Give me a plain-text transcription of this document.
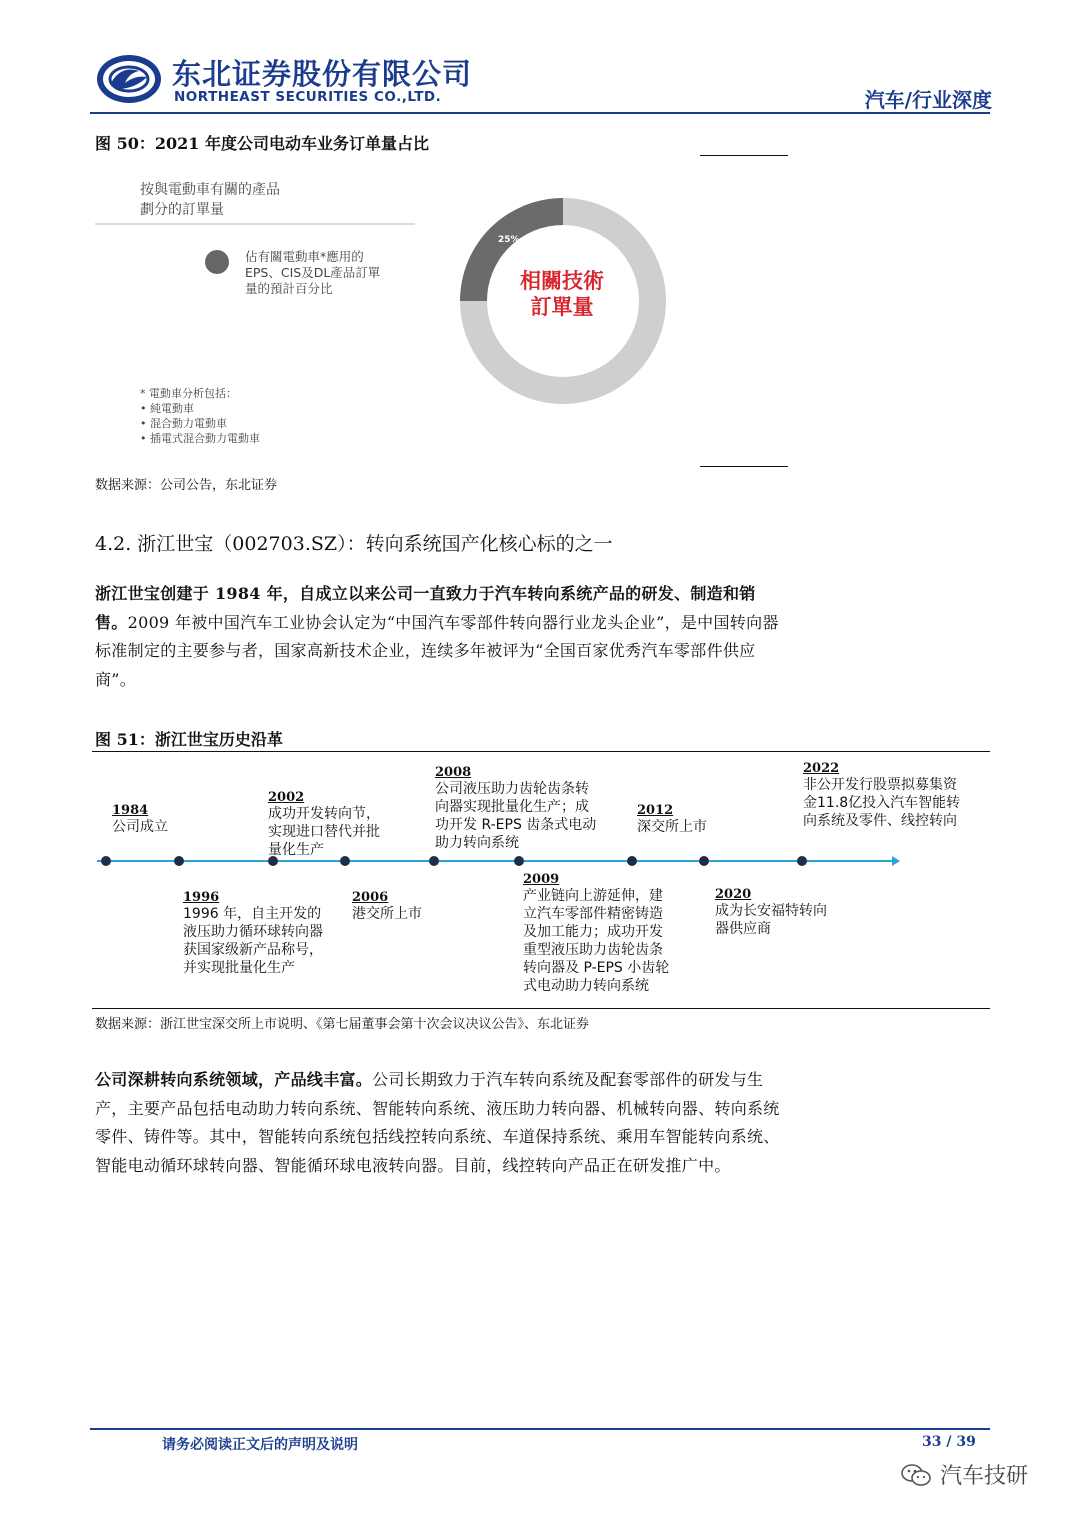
东北证券股份有限公司
NORTHEAST SECURITIES CO.,LTD.	汽车/行业深度
图 50：2021 年度公司电动车业务订单量占比
按與電動車有關的產品
劃分的訂單量
佔有關電動車*應用的
EPS、CIS及DL產品訂單
量的預計百分比
* 電動車分析包括：
• 純電動車
• 混合動力電動車
• 插電式混合動力電動車
25%
相關技術
訂單量
数据来源：公司公告，东北证券
4.2. 浙江世宝（002703.SZ）：转向系统国产化核心标的之一
浙江世宝创建于 1984 年，自成立以来公司一直致力于汽车转向系统产品的研发、制造和销售。2009 年被中国汽车工业协会认定为“中国汽车零部件转向器行业龙头企业”，是中国转向器标准制定的主要参与者，国家高新技术企业，连续多年被评为“全国百家优秀汽车零部件供应商”。
图 51：浙江世宝历史沿革
1984
公司成立
2002
成功开发转向节，
实现进口替代并批
量化生产
2008
公司液压助力齿轮齿条转
向器实现批量化生产；成
功开发 R-EPS 齿条式电动
助力转向系统
2012
深交所上市
2022
非公开发行股票拟募集资
金11.8亿投入汽车智能转
向系统及零件、线控转向
1996
1996 年，自主开发的
液压助力循环球转向器
获国家级新产品称号，
并实现批量化生产
2006
港交所上市
2009
产业链向上游延伸，建
立汽车零部件精密铸造
及加工能力；成功开发
重型液压助力齿轮齿条
转向器及 P-EPS 小齿轮
式电动助力转向系统
2020
成为长安福特转向
器供应商
数据来源：浙江世宝深交所上市说明、《第七届董事会第十次会议决议公告》、东北证券
公司深耕转向系统领域，产品线丰富。公司长期致力于汽车转向系统及配套零部件的研发与生产，主要产品包括电动助力转向系统、智能转向系统、液压助力转向器、机械转向器、转向系统零件、铸件等。其中，智能转向系统包括线控转向系统、车道保持系统、乘用车智能转向系统、智能电动循环球转向器、智能循环球电液转向器。目前，线控转向产品正在研发推广中。
请务必阅读正文后的声明及说明	33 / 39
汽车技研
